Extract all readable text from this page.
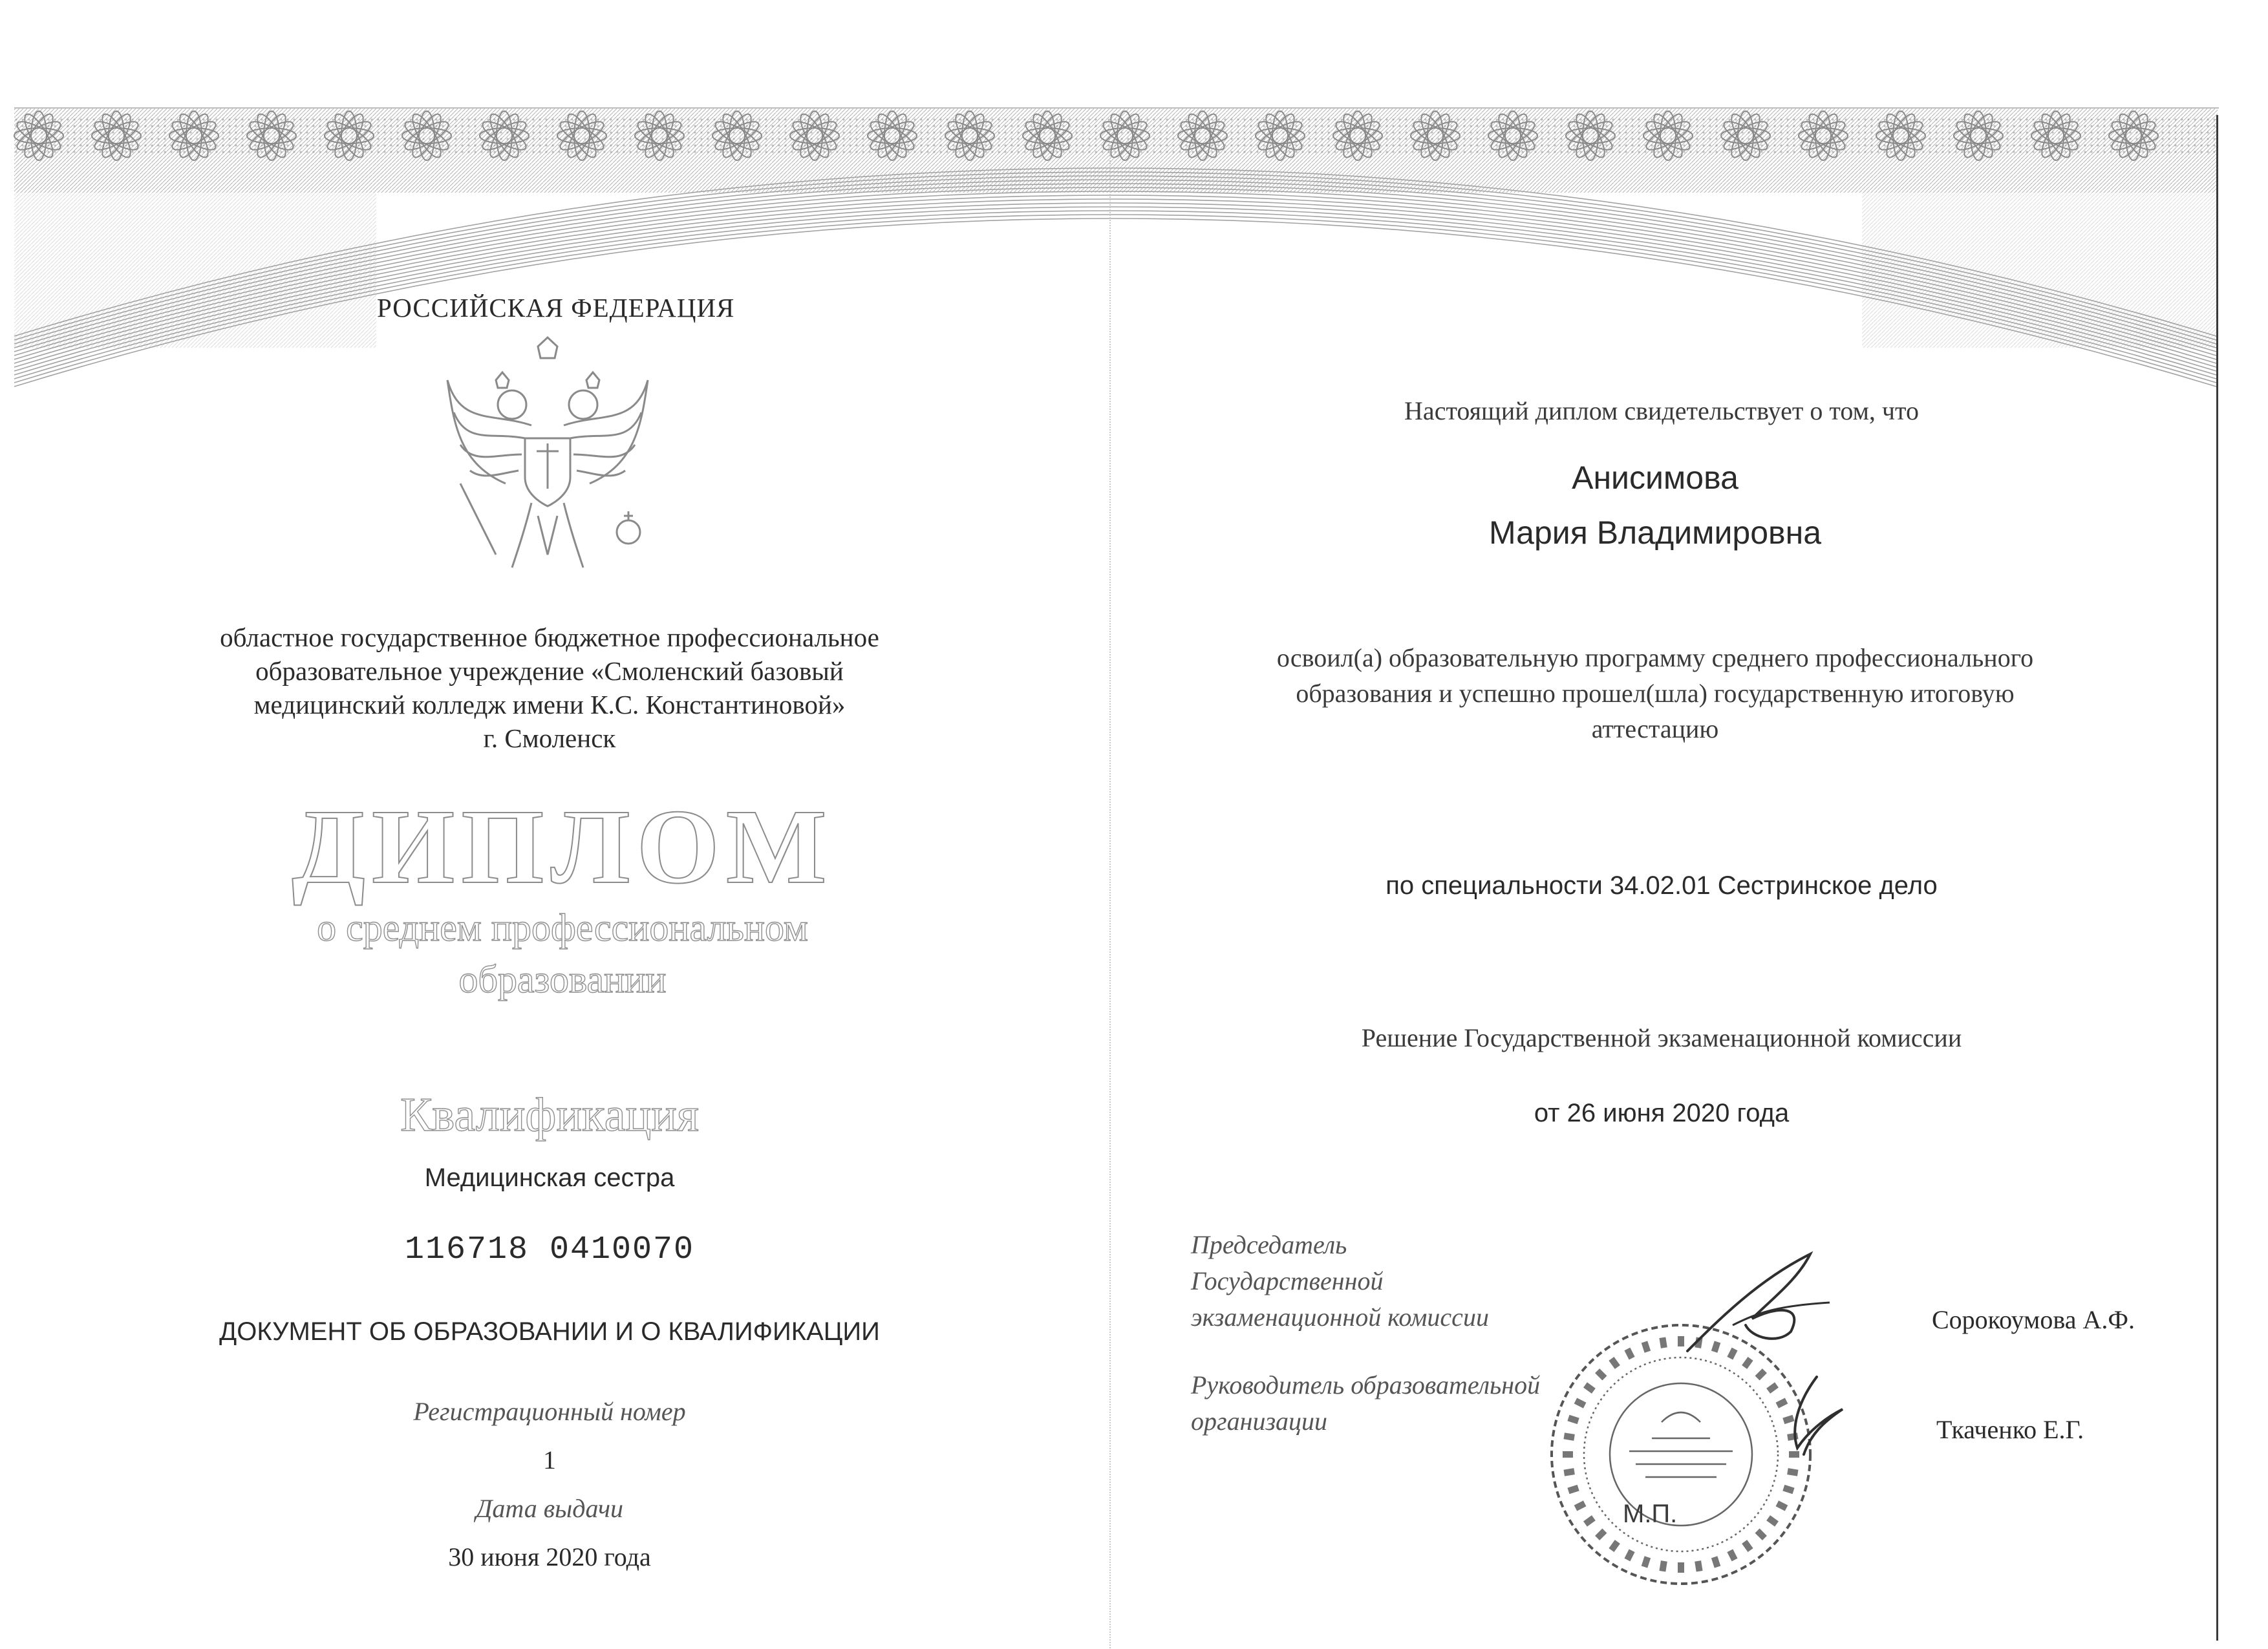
РОССИЙСКАЯ ФЕДЕРАЦИЯ
областное государственное бюджетное профессиональное
образовательное учреждение «Смоленский базовый
медицинский колледж имени К.С. Константиновой»
г. Смоленск
ДИПЛОМ
о среднем профессиональном
образовании
Квалификация
Медицинская сестра
116718 0410070
ДОКУМЕНТ ОБ ОБРАЗОВАНИИ И О КВАЛИФИКАЦИИ
Регистрационный номер
1
Дата выдачи
30 июня 2020 года
Настоящий диплом свидетельствует о том, что
Анисимова
Мария Владимировна
освоил(а) образовательную программу среднего профессионального
образования и успешно прошел(шла) государственную итоговую
аттестацию
по специальности 34.02.01 Сестринское дело
Решение Государственной экзаменационной комиссии
от 26 июня 2020 года
Председатель
Государственной
экзаменационной комиссии	Сорокоумова А.Ф.
Руководитель образовательной
организации	Ткаченко Е.Г.
М.П.
